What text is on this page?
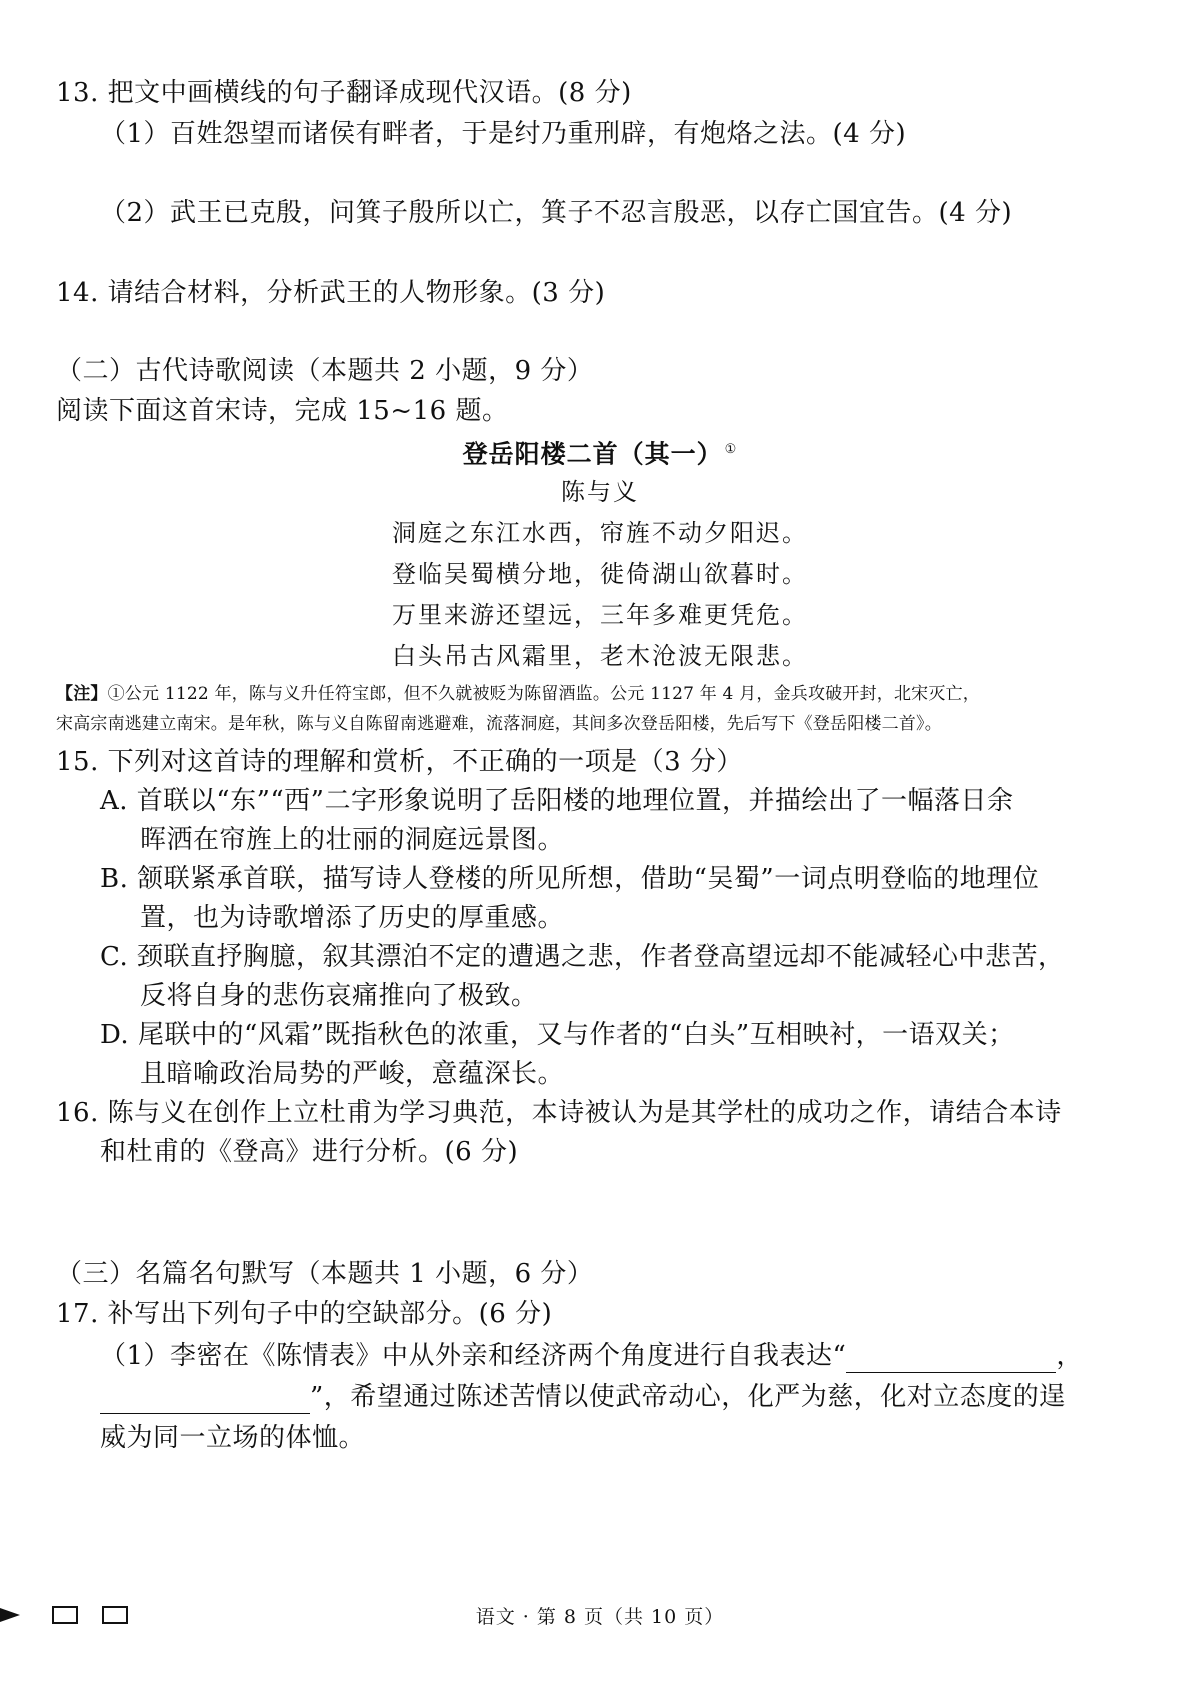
13. 把文中画横线的句子翻译成现代汉语。(8 分)
（1）百姓怨望而诸侯有畔者，于是纣乃重刑辟，有炮烙之法。(4 分)
（2）武王已克殷，问箕子殷所以亡，箕子不忍言殷恶，以存亡国宜告。(4 分)
14. 请结合材料，分析武王的人物形象。(3 分)
（二）古代诗歌阅读（本题共 2 小题，9 分）
阅读下面这首宋诗，完成 15~16 题。
登岳阳楼二首（其一） ①
陈与义
洞庭之东江水西，帘旌不动夕阳迟。
登临吴蜀横分地，徙倚湖山欲暮时。
万里来游还望远，三年多难更凭危。
白头吊古风霜里，老木沧波无限悲。
【注】①公元 1122 年，陈与义升任符宝郎，但不久就被贬为陈留酒监。公元 1127 年 4 月，金兵攻破开封，北宋灭亡，
宋高宗南逃建立南宋。是年秋，陈与义自陈留南逃避难，流落洞庭，其间多次登岳阳楼，先后写下《登岳阳楼二首》。
15. 下列对这首诗的理解和赏析，不正确的一项是（3 分）
A. 首联以“东”“西”二字形象说明了岳阳楼的地理位置，并描绘出了一幅落日余
晖洒在帘旌上的壮丽的洞庭远景图。
B. 颔联紧承首联，描写诗人登楼的所见所想，借助“吴蜀”一词点明登临的地理位
置，也为诗歌增添了历史的厚重感。
C. 颈联直抒胸臆，叙其漂泊不定的遭遇之悲，作者登高望远却不能减轻心中悲苦，
反将自身的悲伤哀痛推向了极致。
D. 尾联中的“风霜”既指秋色的浓重，又与作者的“白头”互相映衬，一语双关；
且暗喻政治局势的严峻，意蕴深长。
16. 陈与义在创作上立杜甫为学习典范，本诗被认为是其学杜的成功之作，请结合本诗
和杜甫的《登高》进行分析。(6 分)
（三）名篇名句默写（本题共 1 小题，6 分）
17. 补写出下列句子中的空缺部分。(6 分)
（1）李密在《陈情表》中从外亲和经济两个角度进行自我表达“	，
”，希望通过陈述苦情以使武帝动心，化严为慈，化对立态度的逞
威为同一立场的体恤。
语文 · 第 8 页（共 10 页）
